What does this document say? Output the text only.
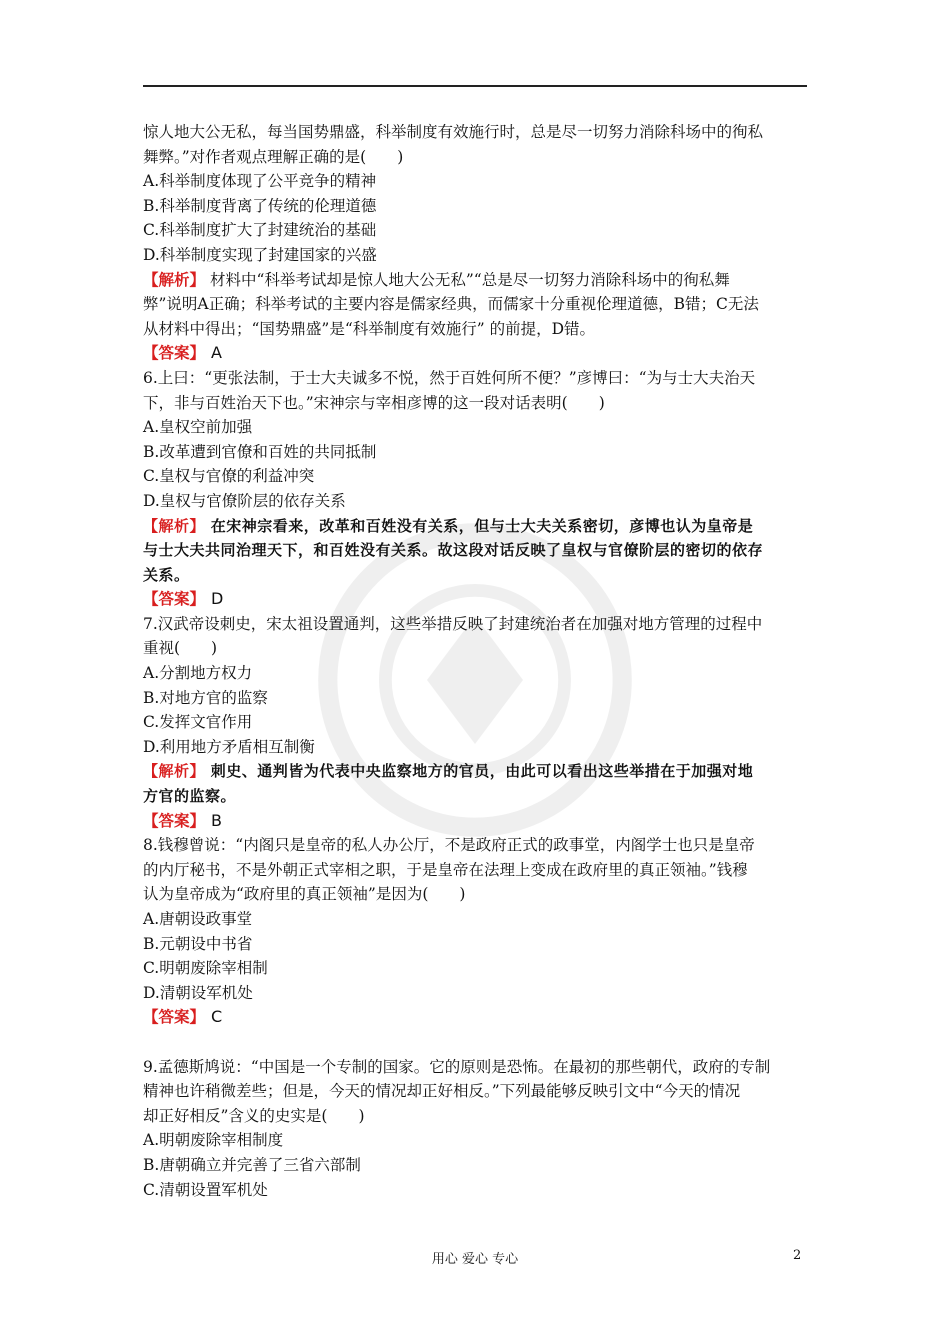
惊人地大公无私，每当国势鼎盛，科举制度有效施行时，总是尽一切努力消除科场中的徇私
舞弊。”对作者观点理解正确的是(　　)
A.科举制度体现了公平竞争的精神
B.科举制度背离了传统的伦理道德
C.科举制度扩大了封建统治的基础
D.科举制度实现了封建国家的兴盛
【解析】 材料中“科举考试却是惊人地大公无私”“总是尽一切努力消除科场中的徇私舞
弊”说明A正确；科举考试的主要内容是儒家经典，而儒家十分重视伦理道德，B错；C无法
从材料中得出；“国势鼎盛”是“科举制度有效施行” 的前提，D错。
【答案】 A
6.上曰：“更张法制，于士大夫诚多不悦，然于百姓何所不便？”彦博曰：“为与士大夫治天
下，非与百姓治天下也。”宋神宗与宰相彦博的这一段对话表明(　　)
A.皇权空前加强
B.改革遭到官僚和百姓的共同抵制
C.皇权与官僚的利益冲突
D.皇权与官僚阶层的依存关系
【解析】 在宋神宗看来，改革和百姓没有关系，但与士大夫关系密切，彦博也认为皇帝是
与士大夫共同治理天下，和百姓没有关系。故这段对话反映了皇权与官僚阶层的密切的依存
关系。
【答案】 D
7.汉武帝设刺史，宋太祖设置通判，这些举措反映了封建统治者在加强对地方管理的过程中
重视(　　)
A.分割地方权力
B.对地方官的监察
C.发挥文官作用
D.利用地方矛盾相互制衡
【解析】 刺史、通判皆为代表中央监察地方的官员，由此可以看出这些举措在于加强对地
方官的监察。
【答案】 B
8.钱穆曾说：“内阁只是皇帝的私人办公厅，不是政府正式的政事堂，内阁学士也只是皇帝
的内厅秘书，不是外朝正式宰相之职，于是皇帝在法理上变成在政府里的真正领袖。”钱穆
认为皇帝成为“政府里的真正领袖”是因为(　　)
A.唐朝设政事堂
B.元朝设中书省
C.明朝废除宰相制
D.清朝设军机处
【答案】 C
9.孟德斯鸠说：“中国是一个专制的国家。它的原则是恐怖。在最初的那些朝代，政府的专制
精神也许稍微差些；但是，今天的情况却正好相反。”下列最能够反映引文中“今天的情况
却正好相反”含义的史实是(　　)
A.明朝废除宰相制度
B.唐朝确立并完善了三省六部制
C.清朝设置军机处
用心 爱心 专心	2
